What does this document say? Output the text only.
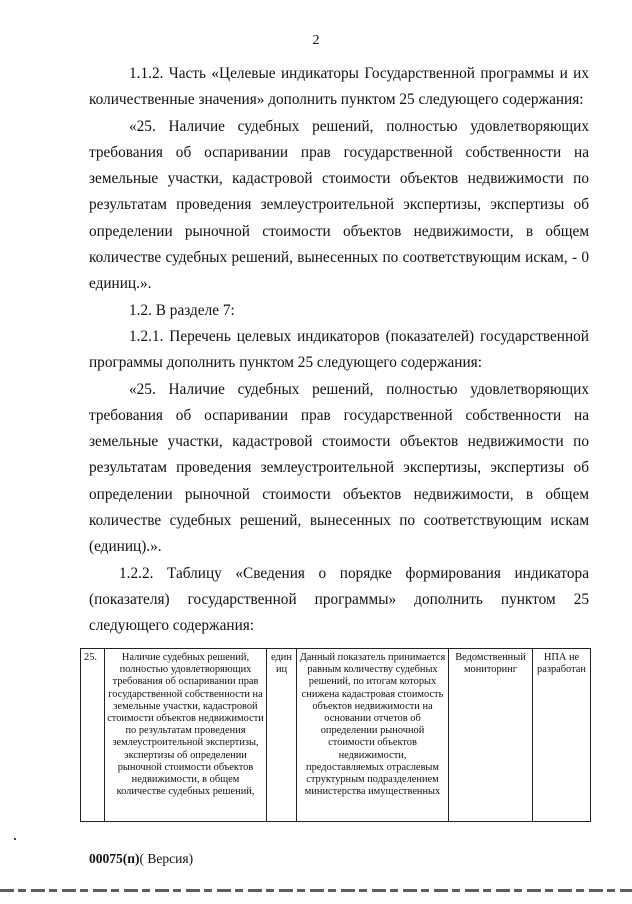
2

1.1.2. Часть «Целевые индикаторы Государственной программы и их количественные значения» дополнить пунктом 25 следующего содержания:

«25. Наличие судебных решений, полностью удовлетворяющих требования об оспаривании прав государственной собственности на земельные участки, кадастровой стоимости объектов недвижимости по результатам проведения землеустроительной экспертизы, экспертизы об определении рыночной стоимости объектов недвижимости, в общем количестве судебных решений, вынесенных по соответствующим искам, - 0 единиц.».

1.2. В разделе 7:

1.2.1. Перечень целевых индикаторов (показателей) государственной программы дополнить пунктом 25 следующего содержания:

«25. Наличие судебных решений, полностью удовлетворяющих требования об оспаривании прав государственной собственности на земельные участки, кадастровой стоимости объектов недвижимости по результатам проведения землеустроительной экспертизы, экспертизы об определении рыночной стоимости объектов недвижимости, в общем количестве судебных решений, вынесенных по соответствующим искам (единиц).».

1.2.2. Таблицу «Сведения о порядке формирования индикатора (показателя) государственной программы» дополнить пунктом 25 следующего содержания:

25.	Наличие судебных решений, полностью удовлетворяющих требования об оспаривании прав государственной собственности на земельные участки, кадастровой стоимости объектов недвижимости по результатам проведения землеустроительной экспертизы, экспертизы об определении рыночной стоимости объектов недвижимости, в общем количестве судебных решений,	един иц	Данный показатель принимается равным количеству судебных решений, по итогам которых снижена кадастровая стоимость объектов недвижимости на основании отчетов об определении рыночной стоимости объектов недвижимости, предоставляемых отраслевым структурным подразделением министерства имущественных	Ведомственный мониторинг	НПА не разработан
00075(п)( Версия)
